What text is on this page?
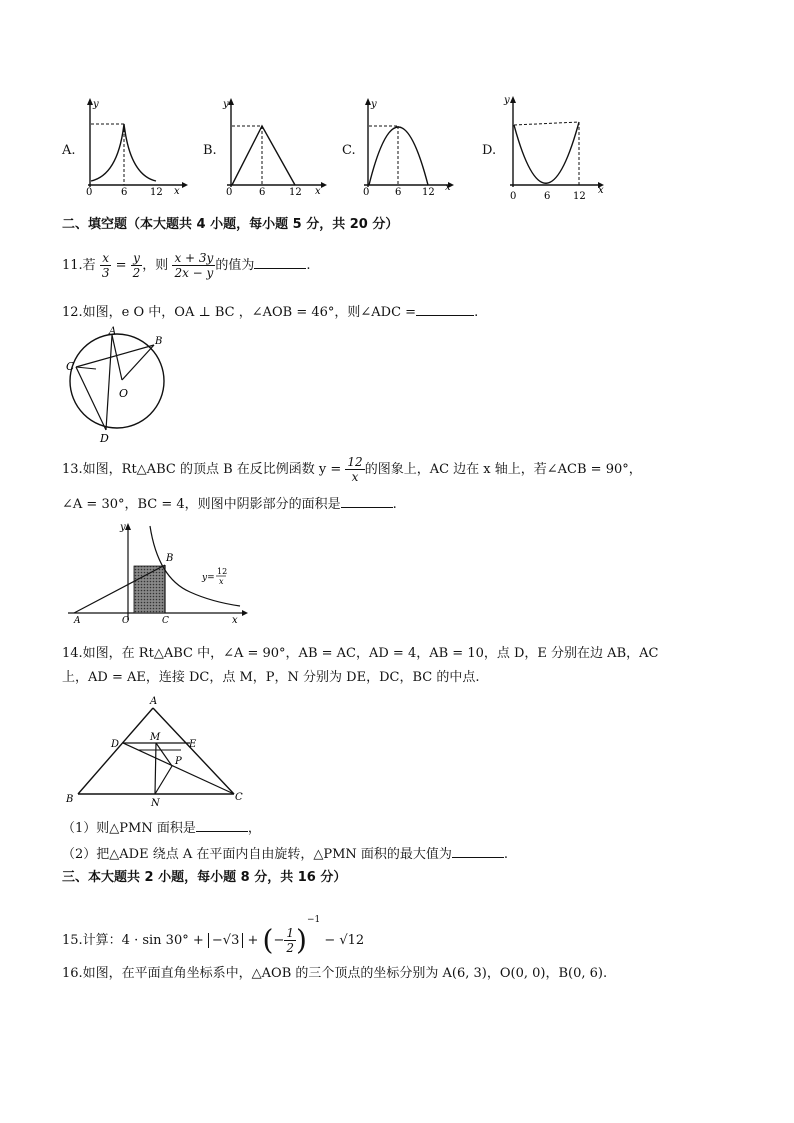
A.
y
x
0	6 12
B.
y
x
0	6 12
C.
y
x
0	6 12
D.
y
x
0	6 12
二、填空题（本大题共 4 小题，每小题 5 分，共 20 分）
11.若 $\frac{x}{3} = \frac{y}{2}$ ，则 $\frac{x + 3y}{2x - y}$ 的值为	.
12.如图，e O 中，OA ⊥ BC ，∠AOB = 46°，则∠ADC =	.
A
B
C
O
D
13.如图，Rt△ABC 的顶点 B 在反比例函数 $y = \frac{12}{x}$ 的图象上，AC 边在 x 轴上，若∠ACB = 90°，
∠A = 30°，BC = 4，则图中阴影部分的面积是	.
y
x
B
y=
12
x
A	O	C
14.如图，在 Rt△ABC 中，∠A = 90°，AB = AC，AD = 4，AB = 10，点 D，E 分别在边 AB，AC
上，AD = AE，连接 DC，点 M，P，N 分别为 DE，DC，BC 的中点.
A
M
D	E
P
B	N
C
（1）则△PMN 面积是	，
（2）把△ADE 绕点 A 在平面内自由旋转，△PMN 面积的最大值为	.
三、本大题共 2 小题，每小题 8 分，共 16 分）
15.计算：4 · sin 30° + −√3 + (− $\frac{1}{2} )^{-1} - √12$
16.如图，在平面直角坐标系中，△AOB 的三个顶点的坐标分别为 A(6, 3)，O(0, 0)，B(0, 6).
